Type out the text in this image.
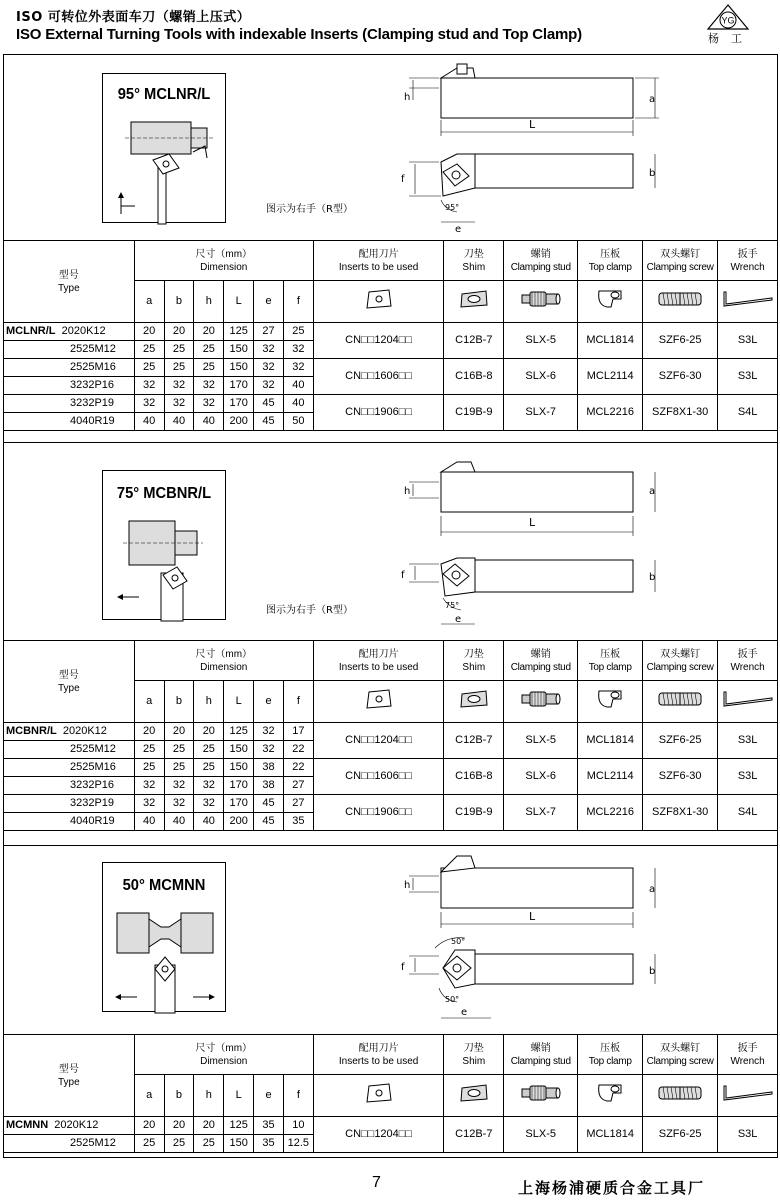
ISO 可转位外表面车刀（螺销上压式）
ISO External Turning Tools with indexable Inserts (Clamping stud and Top Clamp)
YG
杨工
95° MCLNR/L
图示为右手（R型）
h	a
L
f
b
95°
e
75° MCBNR/L
图示为右手（R型）
h	a
L
f	b
75°
e
50° MCMNN	h	a
L
50°
50°
f	b
e
型号
Type	尺寸（mm）
Dimension						配用刀片
Inserts to be used	刀垫
Shim	螺销
Clamping stud	压板
Top clamp	双头螺钉
Clamping screw	扳手
Wrench

	a	b	h	L	e	f						
MCLNR/L 2020K12	20	20	20	125	27	25	CN□□1204□□	C12B-7	SLX-5	MCL1814	SZF6-25	S3L
2525M12	25	25	25	150	32	32						
2525M16	25	25	25	150	32	32	CN□□1606□□	C16B-8	SLX-6	MCL2114	SZF6-30	S3L
3232P16	32	32	32	170	32	40						
3232P19	32	32	32	170	45	40	CN□□1906□□	C19B-9	SLX-7	MCL2216	SZF8X1-30	S4L
4040R19	40	40	40	200	45	50						
型号
Type	尺寸（mm）
Dimension						配用刀片
Inserts to be used	刀垫
Shim	螺销
Clamping stud	压板
Top clamp	双头螺钉
Clamping screw	扳手
Wrench

	a	b	h	L	e	f						
MCBNR/L 2020K12	20	20	20	125	32	17	CN□□1204□□	C12B-7	SLX-5	MCL1814	SZF6-25	S3L
2525M12	25	25	25	150	32	22						
2525M16	25	25	25	150	38	22	CN□□1606□□	C16B-8	SLX-6	MCL2114	SZF6-30	S3L
3232P16	32	32	32	170	38	27						
3232P19	32	32	32	170	45	27	CN□□1906□□	C19B-9	SLX-7	MCL2216	SZF8X1-30	S4L
4040R19	40	40	40	200	45	35						
型号
Type	尺寸（mm）
Dimension						配用刀片
Inserts to be used	刀垫
Shim	螺销
Clamping stud	压板
Top clamp	双头螺钉
Clamping screw	扳手
Wrench

	a	b	h	L	e	f						
MCMNN 2020K12	20	20	20	125	35	10	CN□□1204□□	C12B-7	SLX-5	MCL1814	SZF6-25	S3L
2525M12	25	25	25	150	35	12.5						
7	上海杨浦硬质合金工具厂
